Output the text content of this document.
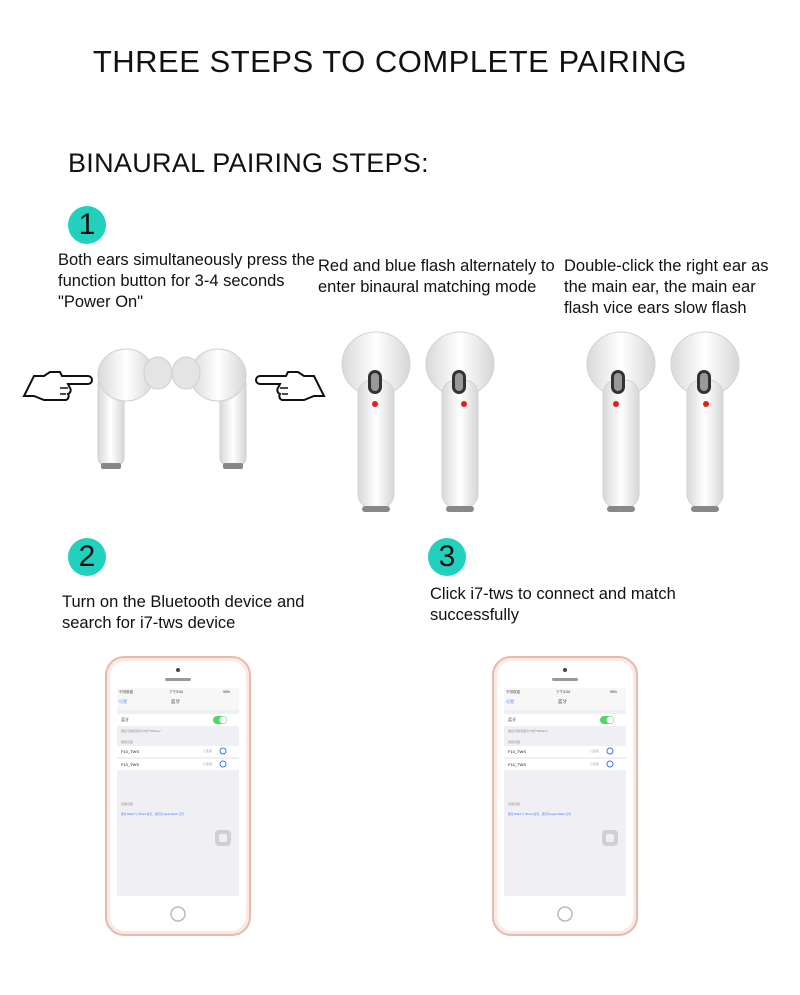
THREE STEPS TO COMPLETE PAIRING
BINAURAL PAIRING STEPS:
1
Both ears simultaneously press the function button for 3-4 seconds "Power On"
Red and blue flash alternately to enter binaural matching mode
Double-click the right ear as the main ear, the main ear flash vice ears slow flash
2
Turn on the Bluetooth device and search for i7-tws device
3
Click i7-tws to connect and match successfully
中国联通	下午3:34	90%
设置	蓝牙
蓝牙
现在可被发现为"i7的""iPhone"
我的设备
F10_TWS	已连接
F10_TWS	已连接
其他设备
要将 Watch 与 iPhone 配对，请使用 Apple Watch 应用
中国联通	下午3:34	90%
设置	蓝牙
蓝牙
现在可被发现为"i7的""iPhone"
我的设备
F10_TWS	已连接
F10_TWS	已连接
其他设备
要将 Watch 与 iPhone 配对，请使用 Apple Watch 应用
